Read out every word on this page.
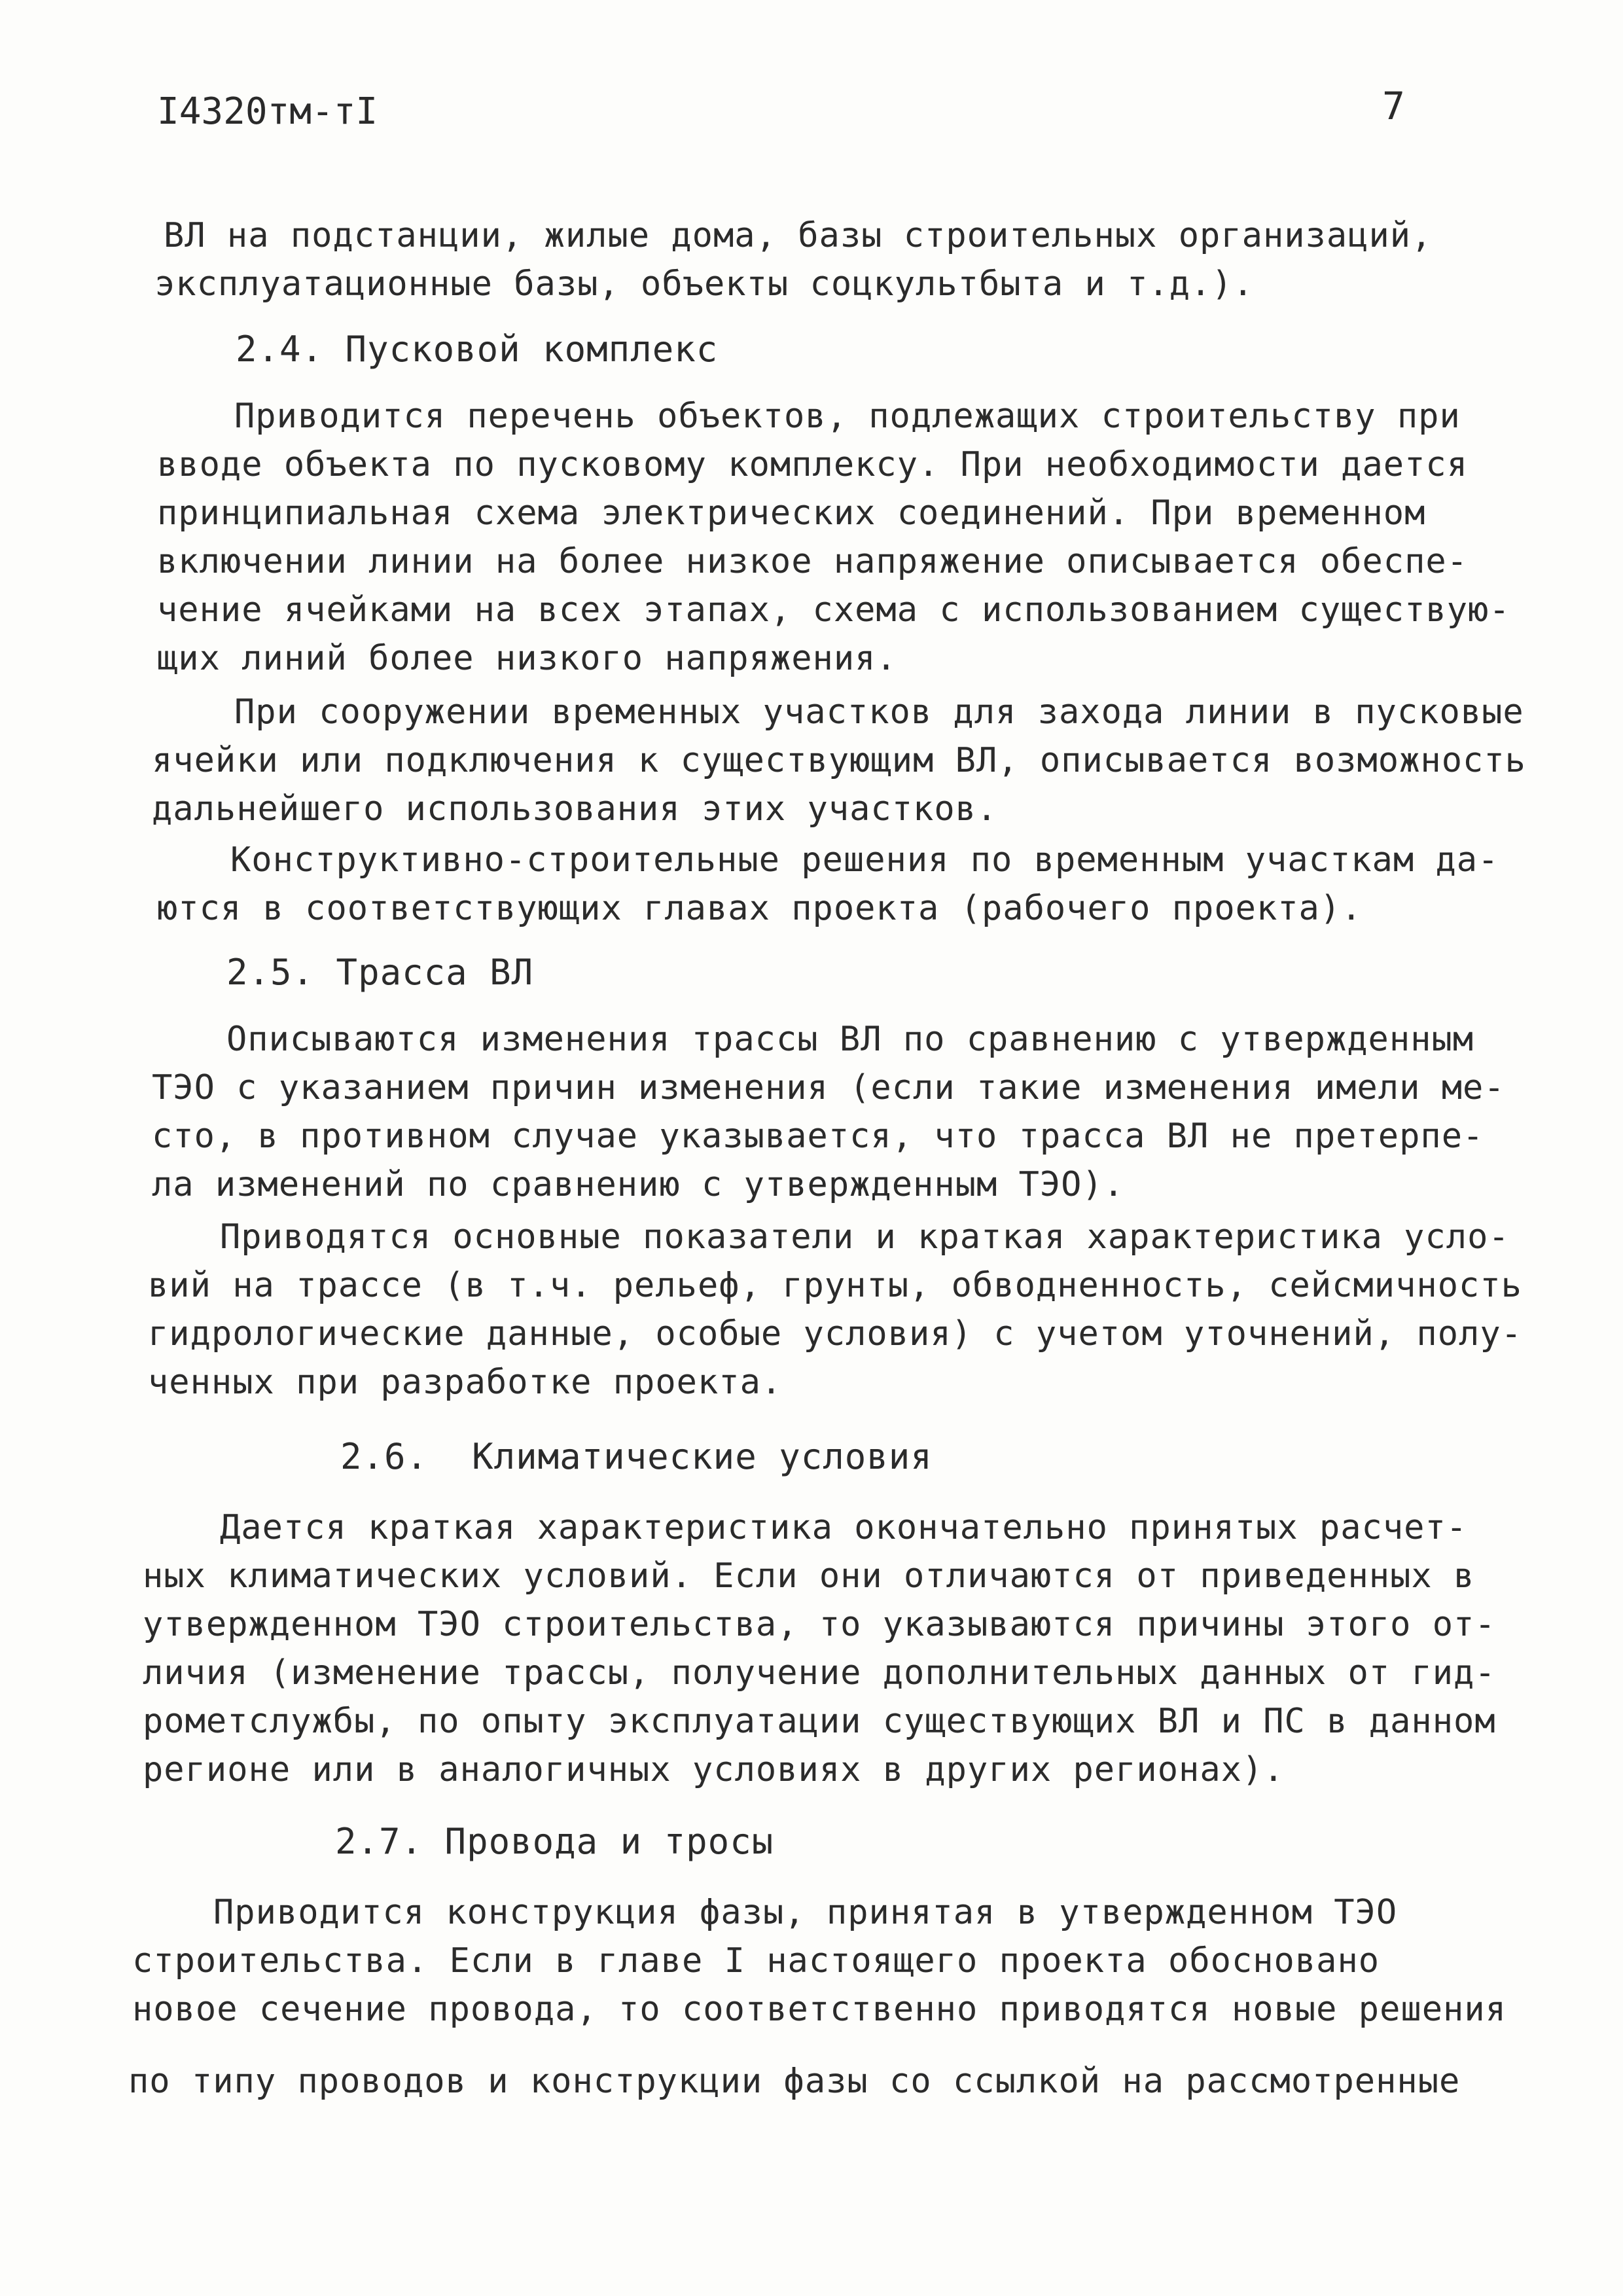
I4320тм-тI	7
ВЛ на подстанции, жилые дома, базы строительных организаций,
эксплуатационные базы, объекты соцкультбыта и т.д.).
2.4. Пусковой комплекс
Приводится перечень объектов, подлежащих строительству при
вводе объекта по пусковому комплексу. При необходимости дается
принципиальная схема электрических соединений. При временном
включении линии на более низкое напряжение описывается обеспе-
чение ячейками на всех этапах, схема с использованием существую-
щих линий более низкого напряжения.
При сооружении временных участков для захода линии в пусковые
ячейки или подключения к существующим ВЛ, описывается возможность
дальнейшего использования этих участков.
Конструктивно-строительные решения по временным участкам да-
ются в соответствующих главах проекта (рабочего проекта).
2.5. Трасса ВЛ
Описываются изменения трассы ВЛ по сравнению с утвержденным
ТЭО с указанием причин изменения (если такие изменения имели ме-
сто, в противном случае указывается, что трасса ВЛ не претерпе-
ла изменений по сравнению с утвержденным ТЭО).
Приводятся основные показатели и краткая характеристика усло-
вий на трассе (в т.ч. рельеф, грунты, обводненность, сейсмичность
гидрологические данные, особые условия) с учетом уточнений, полу-
ченных при разработке проекта.
2.6.  Климатические условия
Дается краткая характеристика окончательно принятых расчет-
ных климатических условий. Если они отличаются от приведенных в
утвержденном ТЭО строительства, то указываются причины этого от-
личия (изменение трассы, получение дополнительных данных от гид-
рометслужбы, по опыту эксплуатации существующих ВЛ и ПС в данном
регионе или в аналогичных условиях в других регионах).
2.7. Провода и тросы
Приводится конструкция фазы, принятая в утвержденном ТЭО
строительства. Если в главе I настоящего проекта обосновано
новое сечение провода, то соответственно приводятся новые решения
по типу проводов и конструкции фазы со ссылкой на рассмотренные
